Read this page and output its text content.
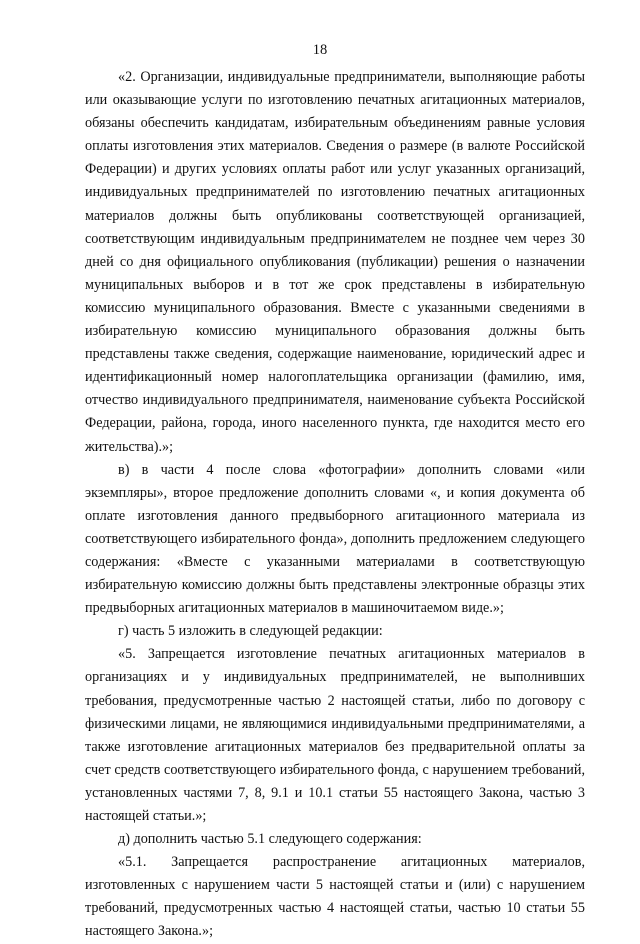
18

«2. Организации, индивидуальные предприниматели, выполняющие работы или оказывающие услуги по изготовлению печатных агитационных материалов, обязаны обеспечить кандидатам, избирательным объединениям равные условия оплаты изготовления этих материалов. Сведения о размере (в валюте Российской Федерации) и других условиях оплаты работ или услуг указанных организаций, индивидуальных предпринимателей по изготовлению печатных агитационных материалов должны быть опубликованы соответствующей организацией, соответствующим индивидуальным предпринимателем не позднее чем через 30 дней со дня официального опубликования (публикации) решения о назначении муниципальных выборов и в тот же срок представлены в избирательную комиссию муниципального образования. Вместе с указанными сведениями в избирательную комиссию муниципального образования должны быть представлены также сведения, содержащие наименование, юридический адрес и идентификационный номер налогоплательщика организации (фамилию, имя, отчество индивидуального предпринимателя, наименование субъекта Российской Федерации, района, города, иного населенного пункта, где находится место его жительства).»;

в) в части 4 после слова «фотографии» дополнить словами «или экземпляры», второе предложение дополнить словами «, и копия документа об оплате изготовления данного предвыборного агитационного материала из соответствующего избирательного фонда», дополнить предложением следующего содержания: «Вместе с указанными материалами в соответствующую избирательную комиссию должны быть представлены электронные образцы этих предвыборных агитационных материалов в машиночитаемом виде.»;

г) часть 5 изложить в следующей редакции:

«5. Запрещается изготовление печатных агитационных материалов в организациях и у индивидуальных предпринимателей, не выполнивших требования, предусмотренные частью 2 настоящей статьи, либо по договору с физическими лицами, не являющимися индивидуальными предпринимателями, а также изготовление агитационных материалов без предварительной оплаты за счет средств соответствующего избирательного фонда, с нарушением требований, установленных частями 7, 8, 9.1 и 10.1 статьи 55 настоящего Закона, частью 3 настоящей статьи.»;

д) дополнить частью 5.1 следующего содержания:

«5.1. Запрещается распространение агитационных материалов, изготовленных с нарушением части 5 настоящей статьи и (или) с нарушением требований, предусмотренных частью 4 настоящей статьи, частью 10 статьи 55 настоящего Закона.»;
